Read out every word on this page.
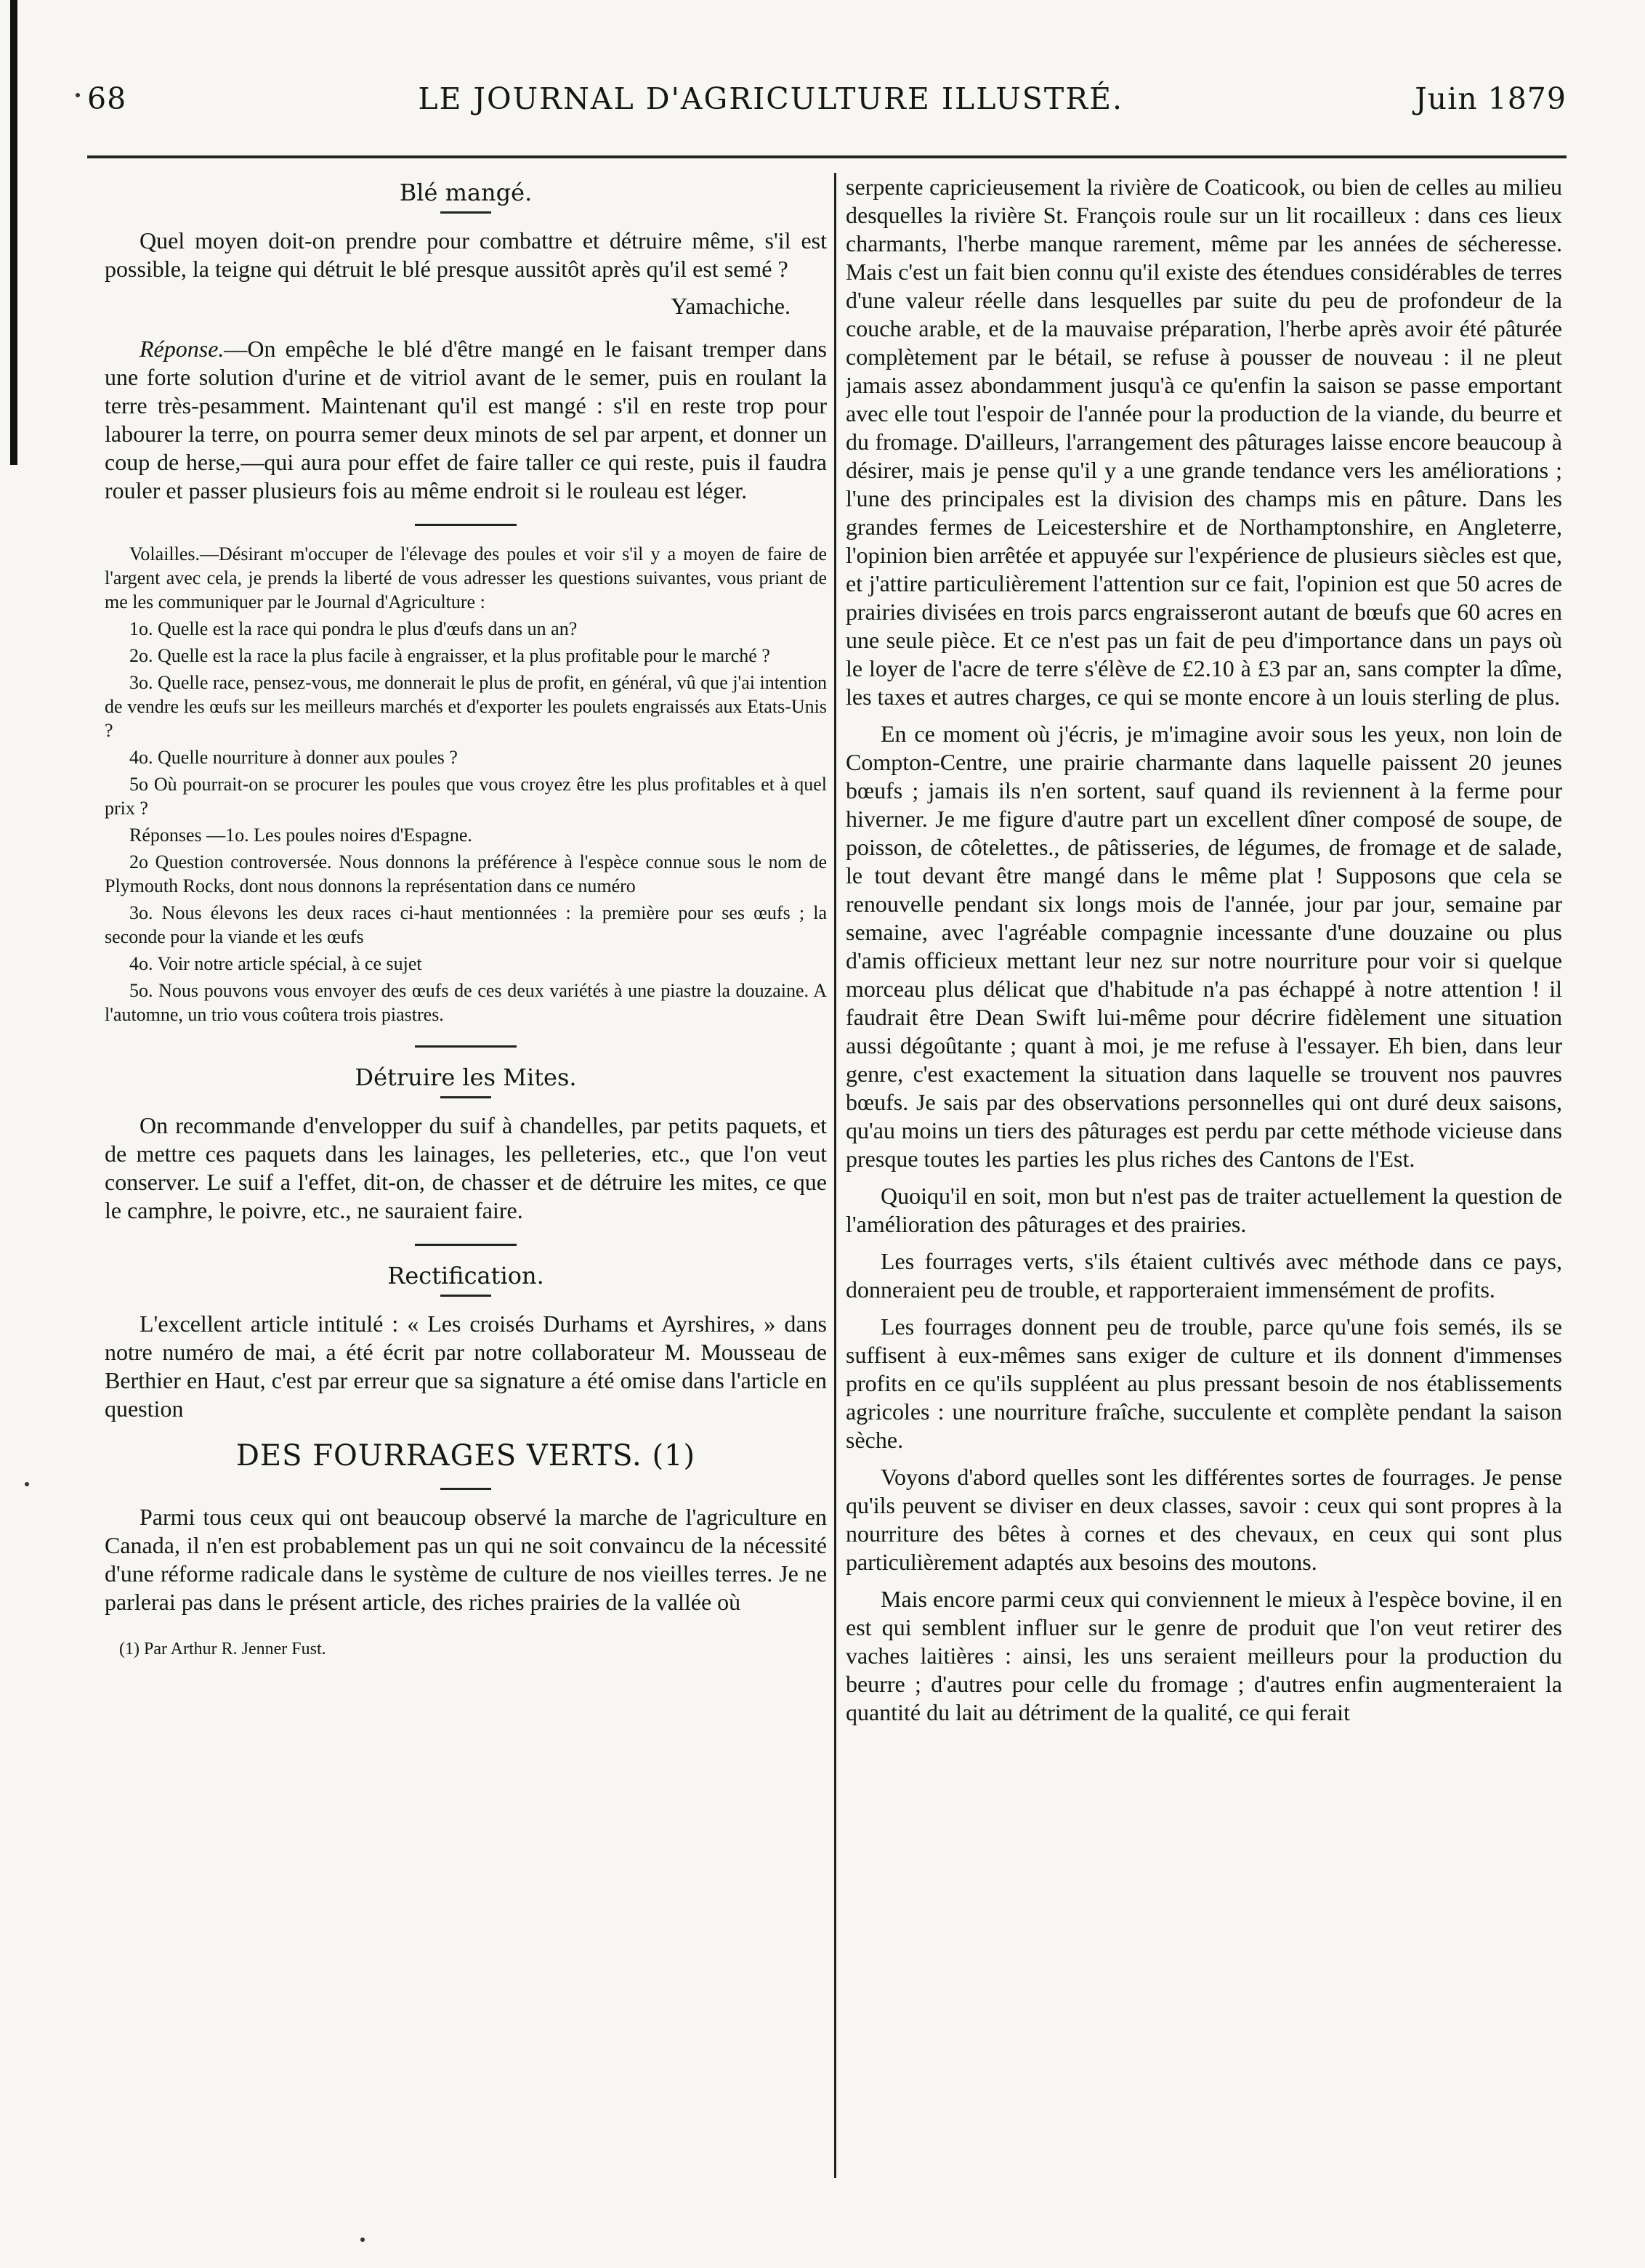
68	LE JOURNAL D'AGRICULTURE ILLUSTRÉ.	Juin 1879
Blé mangé.

Quel moyen doit-on prendre pour combattre et détruire même, s'il est possible, la teigne qui détruit le blé presque aussitôt après qu'il est semé ?

Yamachiche.

Réponse.—On empêche le blé d'être mangé en le faisant tremper dans une forte solution d'urine et de vitriol avant de le semer, puis en roulant la terre très-pesamment. Maintenant qu'il est mangé : s'il en reste trop pour labourer la terre, on pourra semer deux minots de sel par arpent, et donner un coup de herse,—qui aura pour effet de faire taller ce qui reste, puis il faudra rouler et passer plusieurs fois au même endroit si le rouleau est léger.

Volailles.—Désirant m'occuper de l'élevage des poules et voir s'il y a moyen de faire de l'argent avec cela, je prends la liberté de vous adresser les questions suivantes, vous priant de me les communiquer par le Journal d'Agriculture :

1o. Quelle est la race qui pondra le plus d'œufs dans un an?

2o. Quelle est la race la plus facile à engraisser, et la plus profitable pour le marché ?

3o. Quelle race, pensez-vous, me donnerait le plus de profit, en général, vû que j'ai intention de vendre les œufs sur les meilleurs marchés et d'exporter les poulets engraissés aux Etats-Unis ?

4o. Quelle nourriture à donner aux poules ?

5o Où pourrait-on se procurer les poules que vous croyez être les plus profitables et à quel prix ?

Réponses —1o. Les poules noires d'Espagne.

2o Question controversée. Nous donnons la préférence à l'espèce connue sous le nom de Plymouth Rocks, dont nous donnons la représentation dans ce numéro

3o. Nous élevons les deux races ci-haut mentionnées : la première pour ses œufs ; la seconde pour la viande et les œufs

4o. Voir notre article spécial, à ce sujet

5o. Nous pouvons vous envoyer des œufs de ces deux variétés à une piastre la douzaine. A l'automne, un trio vous coûtera trois piastres.

Détruire les Mites.

On recommande d'envelopper du suif à chandelles, par petits paquets, et de mettre ces paquets dans les lainages, les pelleteries, etc., que l'on veut conserver. Le suif a l'effet, dit-on, de chasser et de détruire les mites, ce que le camphre, le poivre, etc., ne sauraient faire.

Rectification.

L'excellent article intitulé : « Les croisés Durhams et Ayrshires, » dans notre numéro de mai, a été écrit par notre collaborateur M. Mousseau de Berthier en Haut, c'est par erreur que sa signature a été omise dans l'article en question

DES FOURRAGES VERTS. (1)

Parmi tous ceux qui ont beaucoup observé la marche de l'agriculture en Canada, il n'en est probablement pas un qui ne soit convaincu de la nécessité d'une réforme radicale dans le système de culture de nos vieilles terres. Je ne parlerai pas dans le présent article, des riches prairies de la vallée où

(1) Par Arthur R. Jenner Fust.

serpente capricieusement la rivière de Coaticook, ou bien de celles au milieu desquelles la rivière St. François roule sur un lit rocailleux : dans ces lieux charmants, l'herbe manque rarement, même par les années de sécheresse. Mais c'est un fait bien connu qu'il existe des étendues considérables de terres d'une valeur réelle dans lesquelles par suite du peu de profondeur de la couche arable, et de la mauvaise préparation, l'herbe après avoir été pâturée complètement par le bétail, se refuse à pousser de nouveau : il ne pleut jamais assez abondamment jusqu'à ce qu'enfin la saison se passe emportant avec elle tout l'espoir de l'année pour la production de la viande, du beurre et du fromage. D'ailleurs, l'arrangement des pâturages laisse encore beaucoup à désirer, mais je pense qu'il y a une grande tendance vers les améliorations ; l'une des principales est la division des champs mis en pâture. Dans les grandes fermes de Leicestershire et de Northamptonshire, en Angleterre, l'opinion bien arrêtée et appuyée sur l'expérience de plusieurs siècles est que, et j'attire particulièrement l'attention sur ce fait, l'opinion est que 50 acres de prairies divisées en trois parcs engraisseront autant de bœufs que 60 acres en une seule pièce. Et ce n'est pas un fait de peu d'importance dans un pays où le loyer de l'acre de terre s'élève de £2.10 à £3 par an, sans compter la dîme, les taxes et autres charges, ce qui se monte encore à un louis sterling de plus.

En ce moment où j'écris, je m'imagine avoir sous les yeux, non loin de Compton-Centre, une prairie charmante dans laquelle paissent 20 jeunes bœufs ; jamais ils n'en sortent, sauf quand ils reviennent à la ferme pour hiverner. Je me figure d'autre part un excellent dîner composé de soupe, de poisson, de côtelettes., de pâtisseries, de légumes, de fromage et de salade, le tout devant être mangé dans le même plat ! Supposons que cela se renouvelle pendant six longs mois de l'année, jour par jour, semaine par semaine, avec l'agréable compagnie incessante d'une douzaine ou plus d'amis officieux mettant leur nez sur notre nourriture pour voir si quelque morceau plus délicat que d'habitude n'a pas échappé à notre attention ! il faudrait être Dean Swift lui-même pour décrire fidèlement une situation aussi dégoûtante ; quant à moi, je me refuse à l'essayer. Eh bien, dans leur genre, c'est exactement la situation dans laquelle se trouvent nos pauvres bœufs. Je sais par des observations personnelles qui ont duré deux saisons, qu'au moins un tiers des pâturages est perdu par cette méthode vicieuse dans presque toutes les parties les plus riches des Cantons de l'Est.

Quoiqu'il en soit, mon but n'est pas de traiter actuellement la question de l'amélioration des pâturages et des prairies.

Les fourrages verts, s'ils étaient cultivés avec méthode dans ce pays, donneraient peu de trouble, et rapporteraient immensément de profits.

Les fourrages donnent peu de trouble, parce qu'une fois semés, ils se suffisent à eux-mêmes sans exiger de culture et ils donnent d'immenses profits en ce qu'ils suppléent au plus pressant besoin de nos établissements agricoles : une nourriture fraîche, succulente et complète pendant la saison sèche.

Voyons d'abord quelles sont les différentes sortes de fourrages. Je pense qu'ils peuvent se diviser en deux classes, savoir : ceux qui sont propres à la nourriture des bêtes à cornes et des chevaux, en ceux qui sont plus particulièrement adaptés aux besoins des moutons.

Mais encore parmi ceux qui conviennent le mieux à l'espèce bovine, il en est qui semblent influer sur le genre de produit que l'on veut retirer des vaches laitières : ainsi, les uns seraient meilleurs pour la production du beurre ; d'autres pour celle du fromage ; d'autres enfin augmenteraient la quantité du lait au détriment de la qualité, ce qui ferait
